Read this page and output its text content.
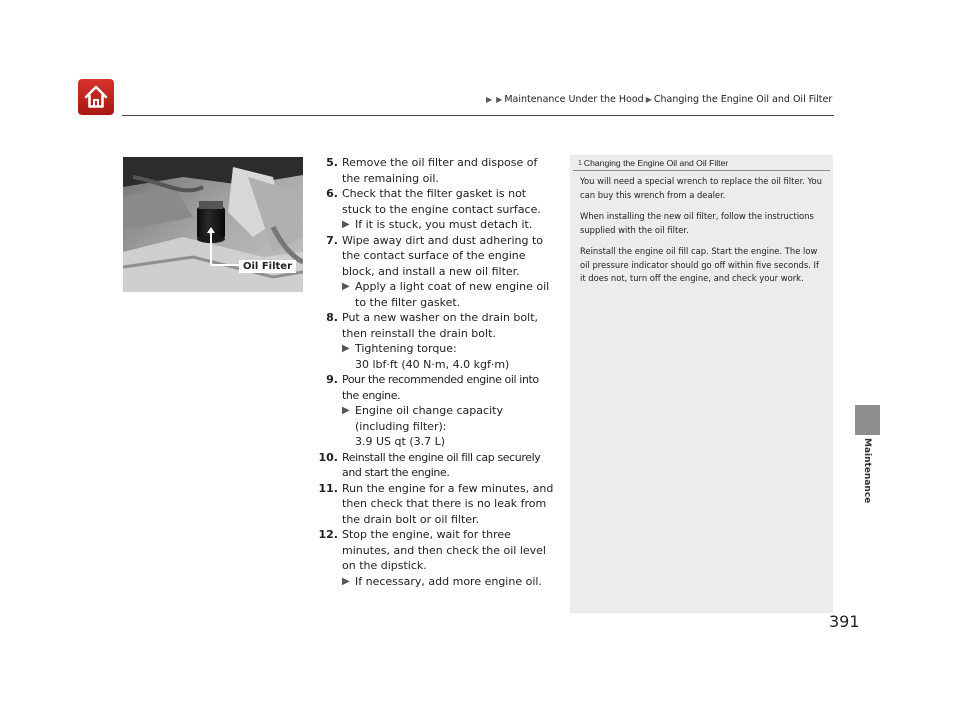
▶ ▶ Maintenance Under the Hood ▶ Changing the Engine Oil and Oil Filter
Oil Filter
5. Remove the oil filter and dispose of the remaining oil.
6. Check that the filter gasket is not stuck to the engine contact surface.
▶ If it is stuck, you must detach it.
7. Wipe away dirt and dust adhering to the contact surface of the engine block, and install a new oil filter.
▶ Apply a light coat of new engine oil to the filter gasket.
8. Put a new washer on the drain bolt, then reinstall the drain bolt.
▶ Tightening torque:
30 lbf·ft (40 N·m, 4.0 kgf·m)
9. Pour the recommended engine oil into the engine.
▶ Engine oil change capacity (including filter):
3.9 US qt (3.7 L)
10. Reinstall the engine oil fill cap securely and start the engine.
11. Run the engine for a few minutes, and then check that there is no leak from the drain bolt or oil filter.
12. Stop the engine, wait for three minutes, and then check the oil level on the dipstick.
▶ If necessary, add more engine oil.
1 Changing the Engine Oil and Oil Filter

You will need a special wrench to replace the oil filter. You can buy this wrench from a dealer.

When installing the new oil filter, follow the instructions supplied with the oil filter.

Reinstall the engine oil fill cap. Start the engine. The low oil pressure indicator should go off within five seconds. If it does not, turn off the engine, and check your work.

Maintenance
391
